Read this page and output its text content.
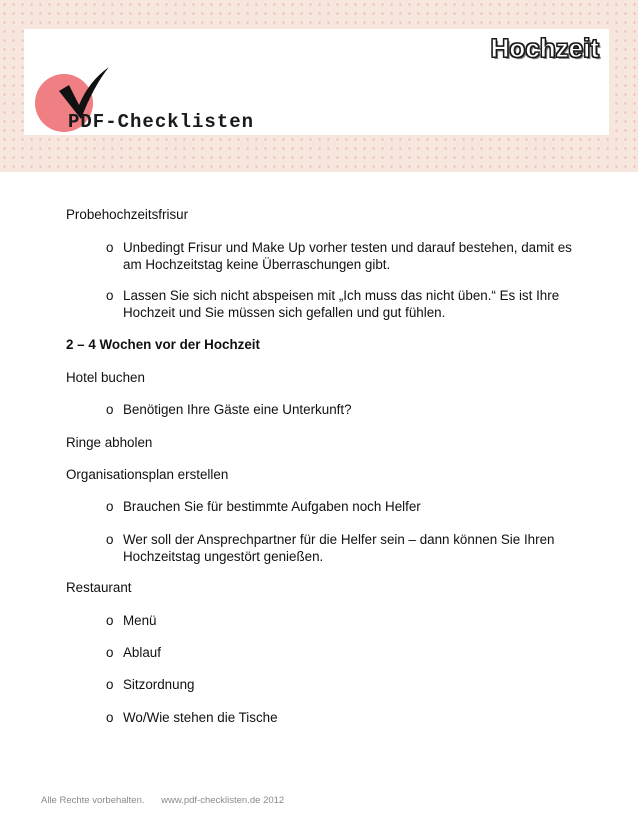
Hochzeit
PDF-Checklisten
Probehochzeitsfrisur
o Unbedingt Frisur und Make Up vorher testen und darauf bestehen, damit es am Hochzeitstag keine Überraschungen gibt.
o Lassen Sie sich nicht abspeisen mit „Ich muss das nicht üben.“ Es ist Ihre Hochzeit und Sie müssen sich gefallen und gut fühlen.
2 – 4 Wochen vor der Hochzeit
Hotel buchen
o Benötigen Ihre Gäste eine Unterkunft?
Ringe abholen
Organisationsplan erstellen
o Brauchen Sie für bestimmte Aufgaben noch Helfer
o Wer soll der Ansprechpartner für die Helfer sein – dann können Sie Ihren Hochzeitstag ungestört genießen.
Restaurant
o Menü
o Ablauf
o Sitzordnung
o Wo/Wie stehen die Tische
Alle Rechte vorbehalten. www.pdf-checklisten.de 2012
